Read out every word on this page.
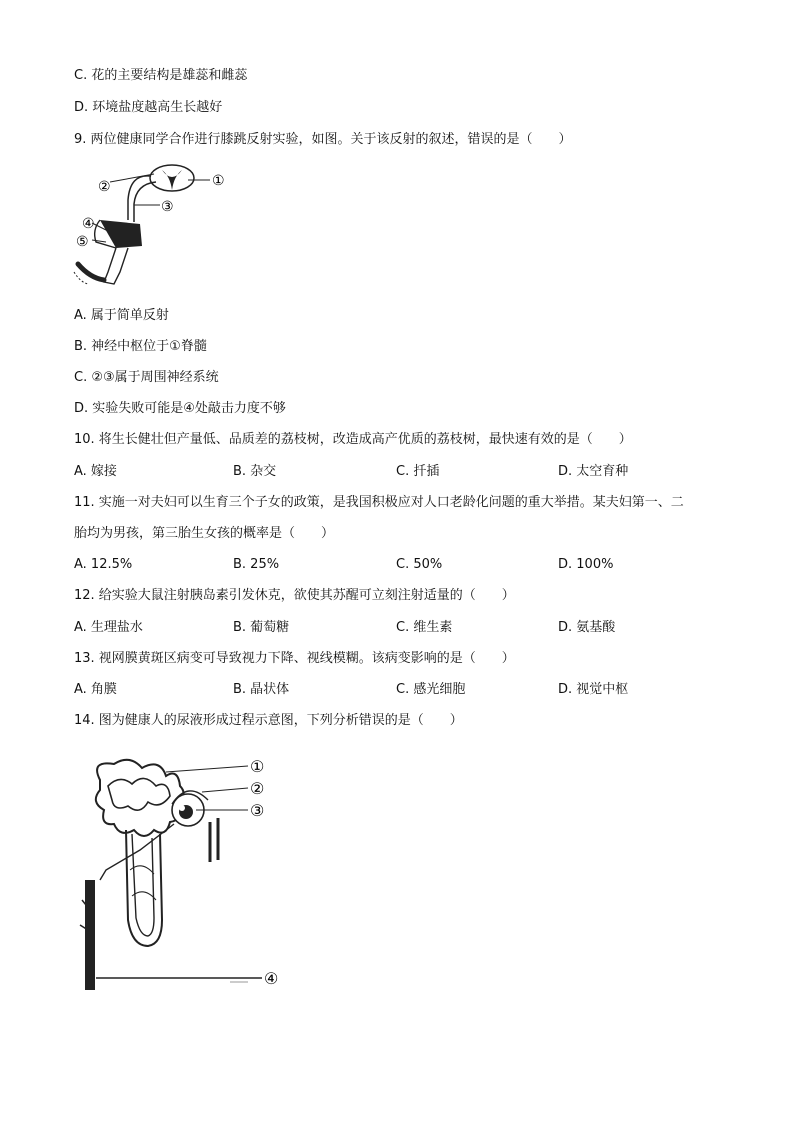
C. 花的主要结构是雄蕊和雌蕊
D. 环境盐度越高生长越好
9. 两位健康同学合作进行膝跳反射实验，如图。关于该反射的叙述，错误的是（　　）
①
②
③
④
⑤
A. 属于简单反射
B. 神经中枢位于①脊髓
C. ②③属于周围神经系统
D. 实验失败可能是④处敲击力度不够
10. 将生长健壮但产量低、品质差的荔枝树，改造成高产优质的荔枝树，最快速有效的是（　　）
A. 嫁接	B. 杂交	C. 扦插	D. 太空育种
11. 实施一对夫妇可以生育三个子女的政策，是我国积极应对人口老龄化问题的重大举措。某夫妇第一、二
胎均为男孩，第三胎生女孩的概率是（　　）
A. 12.5%	B. 25%	C. 50%	D. 100%
12. 给实验大鼠注射胰岛素引发休克，欲使其苏醒可立刻注射适量的（　　）
A. 生理盐水	B. 葡萄糖	C. 维生素	D. 氨基酸
13. 视网膜黄斑区病变可导致视力下降、视线模糊。该病变影响的是（　　）
A. 角膜	B. 晶状体	C. 感光细胞	D. 视觉中枢
14. 图为健康人的尿液形成过程示意图，下列分析错误的是（　　）
①
②
③
④
